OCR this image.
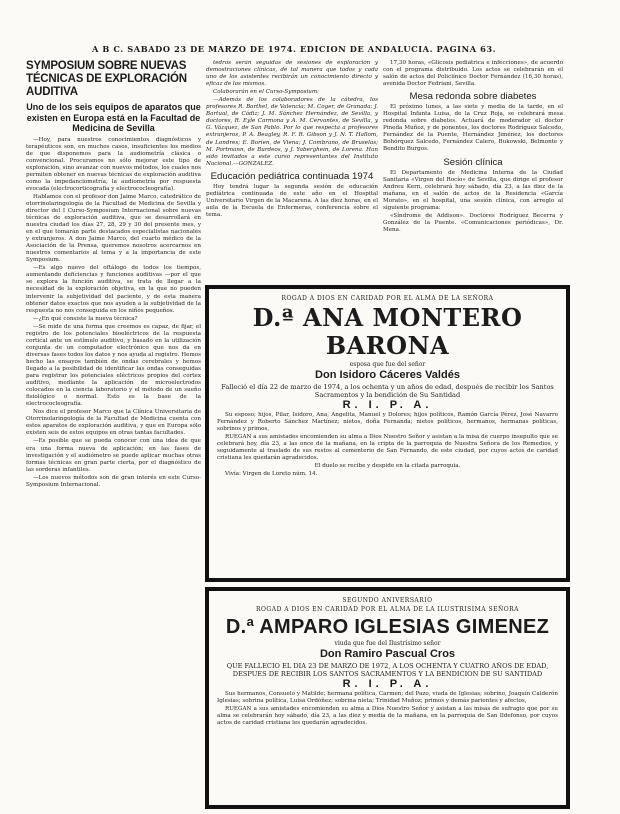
A B C. SABADO 23 DE MARZO DE 1974. EDICION DE ANDALUCIA. PAGINA 63.
SYMPOSIUM SOBRE NUEVAS TÉCNICAS DE EXPLORACIÓN AUDITIVA
Uno de los seis equipos de aparatos que existen en Europa está en la Facultad de Medicina de Sevilla

—Hoy, para nuestros conocimientos diagnósticos y terapéuticos son, en muchos casos, insuficientes los medios de que disponemos para la audiometría clásica o convencional. Procuramos no sólo mejorar este tipo de exploración, sino avanzar con nuevos métodos, los cuales nos permiten obtener en nuevas técnicas de exploración auditiva como la impedanciometría, la audiometría por respuesta evocada (electrocorticografía y electrococleografía).

Hablamos con el profesor don Jaime Marco, catedrático de otorrinolaringología de la Facultad de Medicina de Sevilla y director del I Curso-Symposium Internacional sobre nuevas técnicas de exploración auditiva, que se desarrollará en nuestra ciudad los días 27, 28, 29 y 30 del presente mes, y en el que tomarán parte destacados especialistas nacionales y extranjeros. A don Jaime Marco, del cuarto médico de la Asociación de la Prensa, queremos nosotros acercarnos en nuestros comentarios al tema y a la importancia de este Symposium.

—Es algo nuevo del oftálogo de todos los tiempos, aumentando deficiencias y funciones auditivas —por el que se explora la función auditiva, se trata de llegar a la necesidad de la exploración objetiva, en la que no pueden intervenir la subjetividad del paciente, y de esta manera obtener datos exactos que nos ayuden a la subjetividad de la respuesta no nos conseguida en los niños pequeños.

—¿En qué consiste la nueva técnica?

—Se mide de una forma que creemos es capaz, de fijar, el registro de los potenciales bioeléctricos de la respuesta cortical ante un estímulo auditivo, y basado en la utilización conjunta de un computador electrónico que nos da en diversas fases todos los datos y nos ayuda al registro. Hemos hecho las ensayos también de ondas cerebrales y hemos llegado a la posibilidad de identificar las ondas conseguidas para registrar los potenciales eléctricos propios del cortex auditivo, mediante la aplicación de microelectrodos colocados en la ciencia laboratorio y el método de un sueño fisiológico o normal. Esto es la base de la electrococleografía.

Nos dice el profesor Marco que la Clínica Universitaria de Otorrinolaringología de la Facultad de Medicina cuenta con estos aparatos de exploración auditiva, y que en Europa sólo existen seis de estos equipos en otras tantas facultades.

—Es posible que se pueda conocer con una idea de que era una forma nueva de aplicación; en las fases de investigación y el audiómetro se puede aplicar muchas otras formas técnicas en gran parte cierta, por el diagnóstico de las sorderas infantiles.

—Los nuevos métodos son de gran interés en este Curso-Symposium Internacional.

tedros serán seguidas de sesiones de exploración y demostraciones clínicas, de tal manera que todos y cada uno de los asistentes recibirán un conocimiento directo y eficaz de los mismos.

Colaborarán en el Curso-Symposium:

—Además de los colaboradores de la cátedra, los profesores R. Barthel, de Valencia; M. Coger, de Granada; J. Bartual, de Cádiz; J. M. Sánchez Hernández, de Sevilla, y doctores, R. Eyle Carmona y A. M. Cervantes, de Sevilla, y G. Vázquez, de San Pablo. Por lo que respecta a profesores extranjeros, P. A. Beagley, R. F. R. Gibson y J. N. T. Hallom, de Londres; E. Borien, de Viena; J. Combrano, de Bruselas; M. Portmann, de Burdeos, y J. Yaberghein, de Lorena. Han sido invitados a este curso representantes del Instituto Nacional.—GONZALEZ.

Educación pediátrica continuada 1974

Hoy tendrá lugar la segunda sesión de educación pediátrica continuada de este año en el Hospital Universitario Virgen de la Macarena. A las diez horas, en el aula de la Escuela de Enfermeras, conferencia sobre el tema.

17,30 horas, «Glicosis pediátrica e infecciones», de acuerdo con el programa distribuido. Los actos se celebrarán en el salón de actos del Policlínico Doctor Fernández (16,30 horas), avenida Doctor Fedriani, Sevilla.

Mesa redonda sobre diabetes

El próximo lunes, a las siete y media de la tarde, en el Hospital Infanta Luisa, de la Cruz Roja, se celebrará mesa redonda sobre diabetes. Actuará de moderador el doctor Pineda Muñoz, y de ponentes, los doctores Rodríguez Salcedo, Fernández de la Puente, Hernández Jiménez, los doctores Bohórquez Salcedo, Fernández Calero, Bukowski, Belmonte y Bendito Burgos.

Sesión clínica

El Departamento de Medicina Interna de la Ciudad Sanitaria «Virgen del Rocío» de Sevilla, que dirige el profesor Andreu Kern, celebrará hoy sábado, día 23, a las diez de la mañana, en el salón de actos de la Residencia «García Morato», en el hospital, una sesión clínica, con arreglo al siguiente programa:

«Síndrome de Addison». Doctores Rodríguez Becerra y González de la Puente. «Comunicaciones periódicas», Dr. Mena.

ROGAD A DIOS EN CARIDAD POR EL ALMA DE LA SEÑORA
D.ª ANA MONTERO BARONA
esposa que fue del señor
Don Isidoro Cáceres Valdés
Falleció el día 22 de marzo de 1974, a los ochenta y un años de edad, después de recibir los Santos Sacramentos y la bendición de Su Santidad
R. I. P. A.

Su esposo; hijos, Pilar, Isidoro, Ana, Angelita, Manuel y Dolores; hijos políticos, Ramón García Pérez, José Navarro Fernández y Roberto Sánchez Martínez; nietos, doña Fernanda; nietos políticos, hermanos, hermanas políticas, sobrinos y primos,

RUEGAN a sus amistades encomienden su alma a Dios Nuestro Señor y asistan a la misa de cuerpo insepulto que se celebrará hoy, día 23, a las once de la mañana, en la cripta de la parroquia de Nuestra Señora de los Remedios, y seguidamente al traslado de sus restos al cementerio de San Fernando, de este ciudad, por cuyos actos de caridad cristiana les quedarán agradecidos.

El duelo se recibe y despide en la citada parroquia.

Vivía: Virgen de Loreto núm. 14.

SEGUNDO ANIVERSARIO
ROGAD A DIOS EN CARIDAD POR EL ALMA DE LA ILUSTRISIMA SEÑORA
D.ª AMPARO IGLESIAS GIMENEZ
viuda que fue del Ilustrísimo señor
Don Ramiro Pascual Cros
QUE FALLECIO EL DIA 23 DE MARZO DE 1972, A LOS OCHENTA Y CUATRO AÑOS DE EDAD, DESPUES DE RECIBIR LOS SANTOS SACRAMENTOS Y LA BENDICION DE SU SANTIDAD
R. I. P. A.

Sus hermanos, Consuelo y Matilde; hermana política, Carmen; del Pazo, viuda de Iglesias; sobrino, Joaquín Calderón Iglesias; sobrina política, Luisa Ordóñez; sobrina nieta; Trinidad Muñoz; primos y demás parientes y afectos,

RUEGAN a sus amistades encomienden su alma a Dios Nuestro Señor y asistan a las misas de sufragio que por su alma se celebrarán hoy sábado, día 23, a las diez y media de la mañana, en la parroquia de San Ildefonso, por cuyos actos de caridad cristiana les quedarán agradecidos.
